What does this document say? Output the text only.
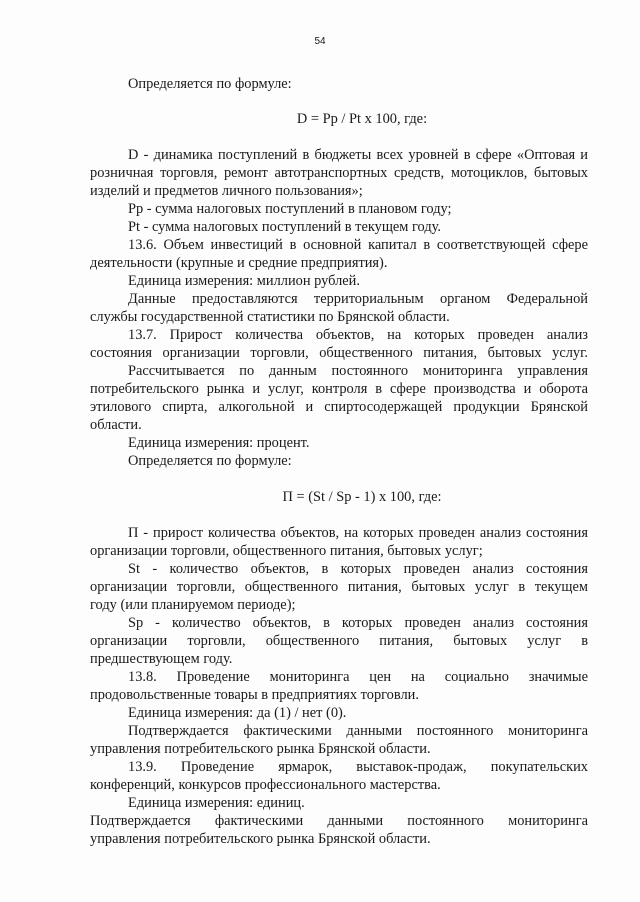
54
Определяется по формуле:
D = Рр / Рt х 100, где:
D - динамика поступлений в бюджеты всех уровней в сфере «Оптовая и
розничная торговля, ремонт автотранспортных средств, мотоциклов, бытовых
изделий и предметов личного пользования»;
Рр - сумма налоговых поступлений в плановом году;
Рt - сумма налоговых поступлений в текущем году.
13.6. Объем инвестиций в основной капитал в соответствующей сфере
деятельности (крупные и средние предприятия).
Единица измерения: миллион рублей.
Данные предоставляются территориальным органом Федеральной
службы государственной статистики по Брянской области.
13.7. Прирост количества объектов, на которых проведен анализ
состояния организации торговли, общественного питания, бытовых услуг.
Рассчитывается по данным постоянного мониторинга управления
потребительского рынка и услуг, контроля в сфере производства и оборота
этилового спирта, алкогольной и спиртосодержащей продукции Брянской
области.
Единица измерения: процент.
Определяется по формуле:
П = (St / Sp - 1) х 100, где:
П - прирост количества объектов, на которых проведен анализ состояния
организации торговли, общественного питания, бытовых услуг;
St - количество объектов, в которых проведен анализ состояния
организации торговли, общественного питания, бытовых услуг в текущем
году (или планируемом периоде);
Sp - количество объектов, в которых проведен анализ состояния
организации торговли, общественного питания, бытовых услуг в
предшествующем году.
13.8. Проведение мониторинга цен на социально значимые
продовольственные товары в предприятиях торговли.
Единица измерения: да (1) / нет (0).
Подтверждается фактическими данными постоянного мониторинга
управления потребительского рынка Брянской области.
13.9. Проведение ярмарок, выставок-продаж, покупательских
конференций, конкурсов профессионального мастерства.
Единица измерения: единиц.
Подтверждается фактическими данными постоянного мониторинга
управления потребительского рынка Брянской области.
